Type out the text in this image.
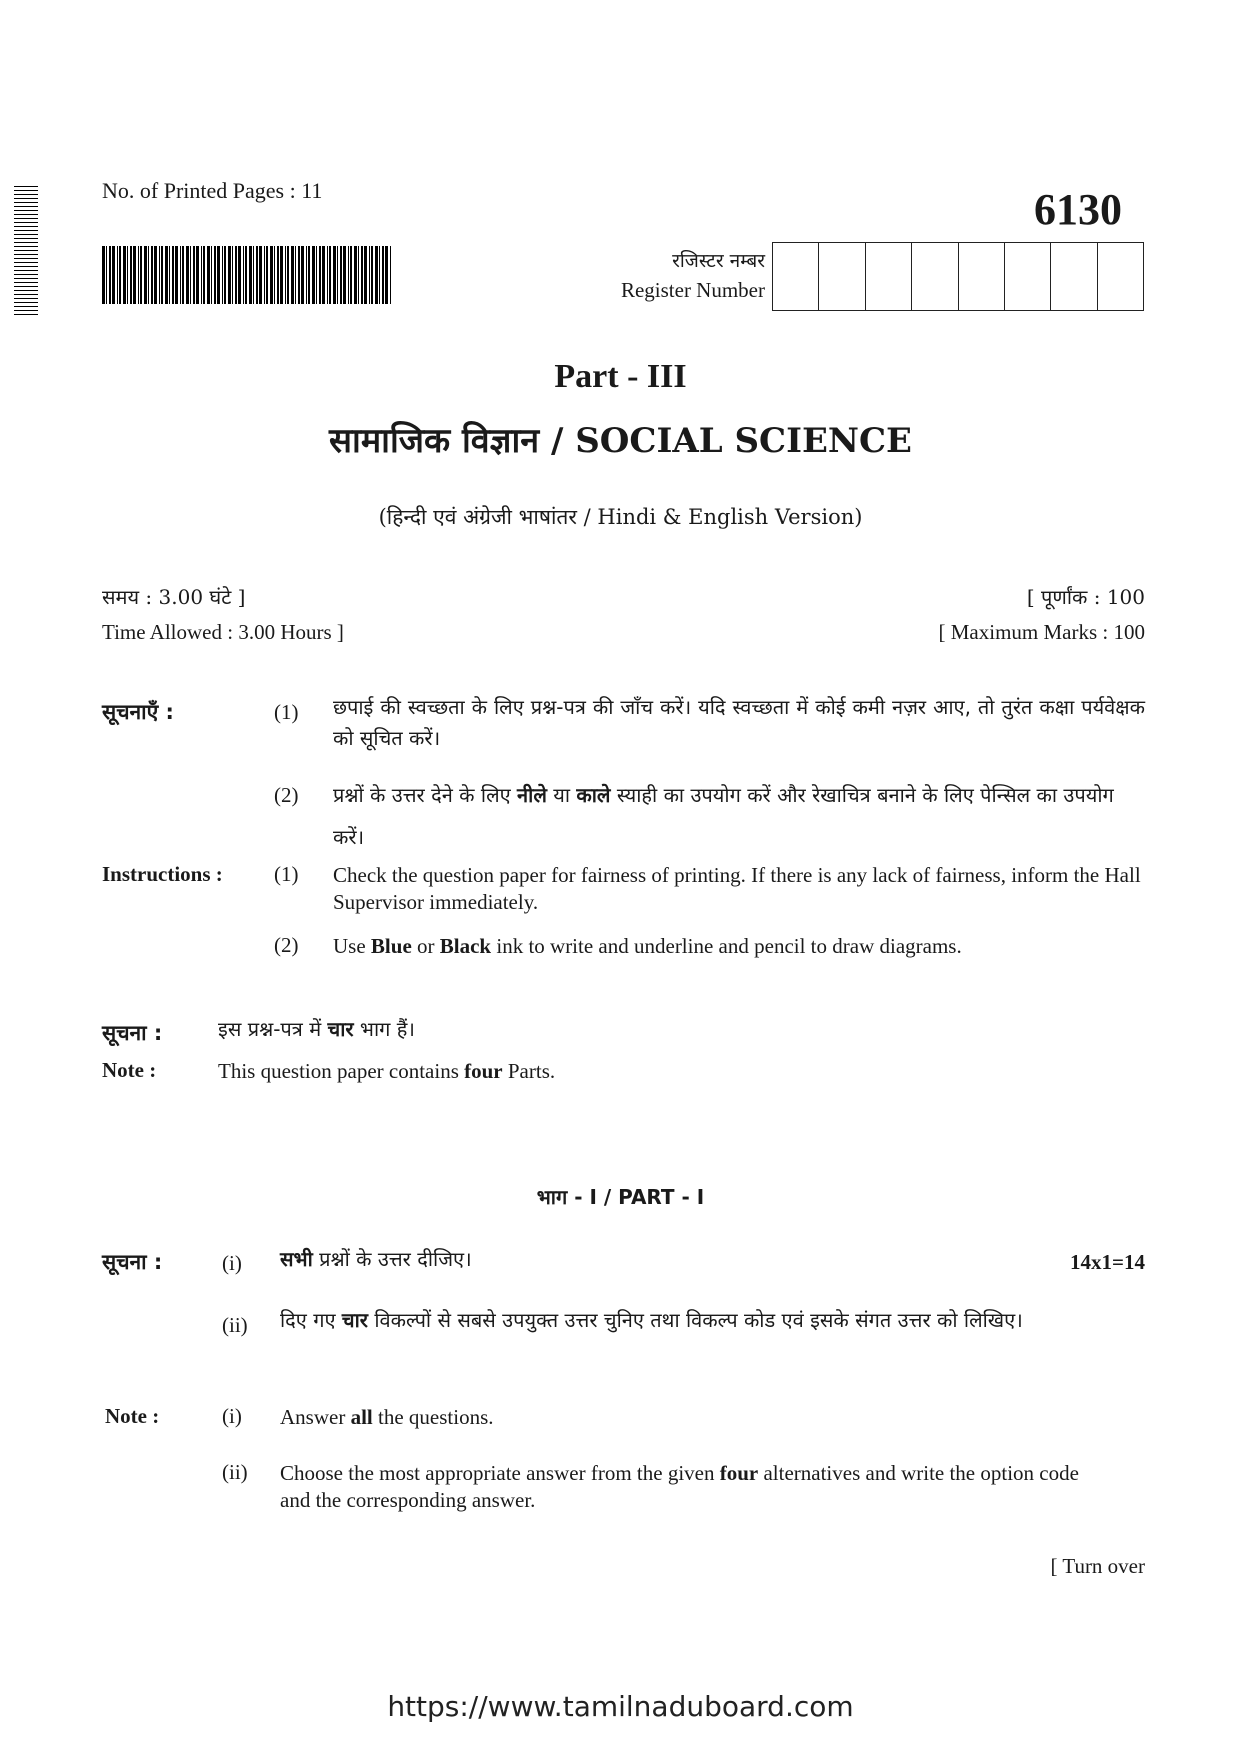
No. of Printed Pages : 11	6130
रजिस्टर नम्बर
Register Number
Part - III
सामाजिक विज्ञान / SOCIAL SCIENCE
(हिन्दी एवं अंग्रेजी भाषांतर / Hindi & English Version)
समय : 3.00 घंटे ]
Time Allowed : 3.00 Hours ]
[ पूर्णांक : 100
[ Maximum Marks : 100
सूचनाएँ :	(1) छपाई की स्वच्छता के लिए प्रश्न-पत्र की जाँच करें। यदि स्वच्छता में कोई कमी नज़र आए, तो तुरंत कक्षा पर्यवेक्षक को सूचित करें।
(2) प्रश्नों के उत्तर देने के लिए नीले या काले स्याही का उपयोग करें और रेखाचित्र बनाने के लिए पेन्सिल का उपयोग करें।
Instructions : (1) Check the question paper for fairness of printing. If there is any lack of fairness, inform the Hall Supervisor immediately.
(2) Use Blue or Black ink to write and underline and pencil to draw diagrams.
सूचना :	इस प्रश्न-पत्र में चार भाग हैं।
Note :	This question paper contains four Parts.
भाग - I / PART - I
सूचना :	(i) सभी प्रश्नों के उत्तर दीजिए।	14x1=14
(ii) दिए गए चार विकल्पों से सबसे उपयुक्त उत्तर चुनिए तथा विकल्प कोड एवं इसके संगत उत्तर को लिखिए।
Note :	(i) Answer all the questions.
(ii) Choose the most appropriate answer from the given four alternatives and write the option code and the corresponding answer.
[ Turn over
https://www.tamilnaduboard.com
